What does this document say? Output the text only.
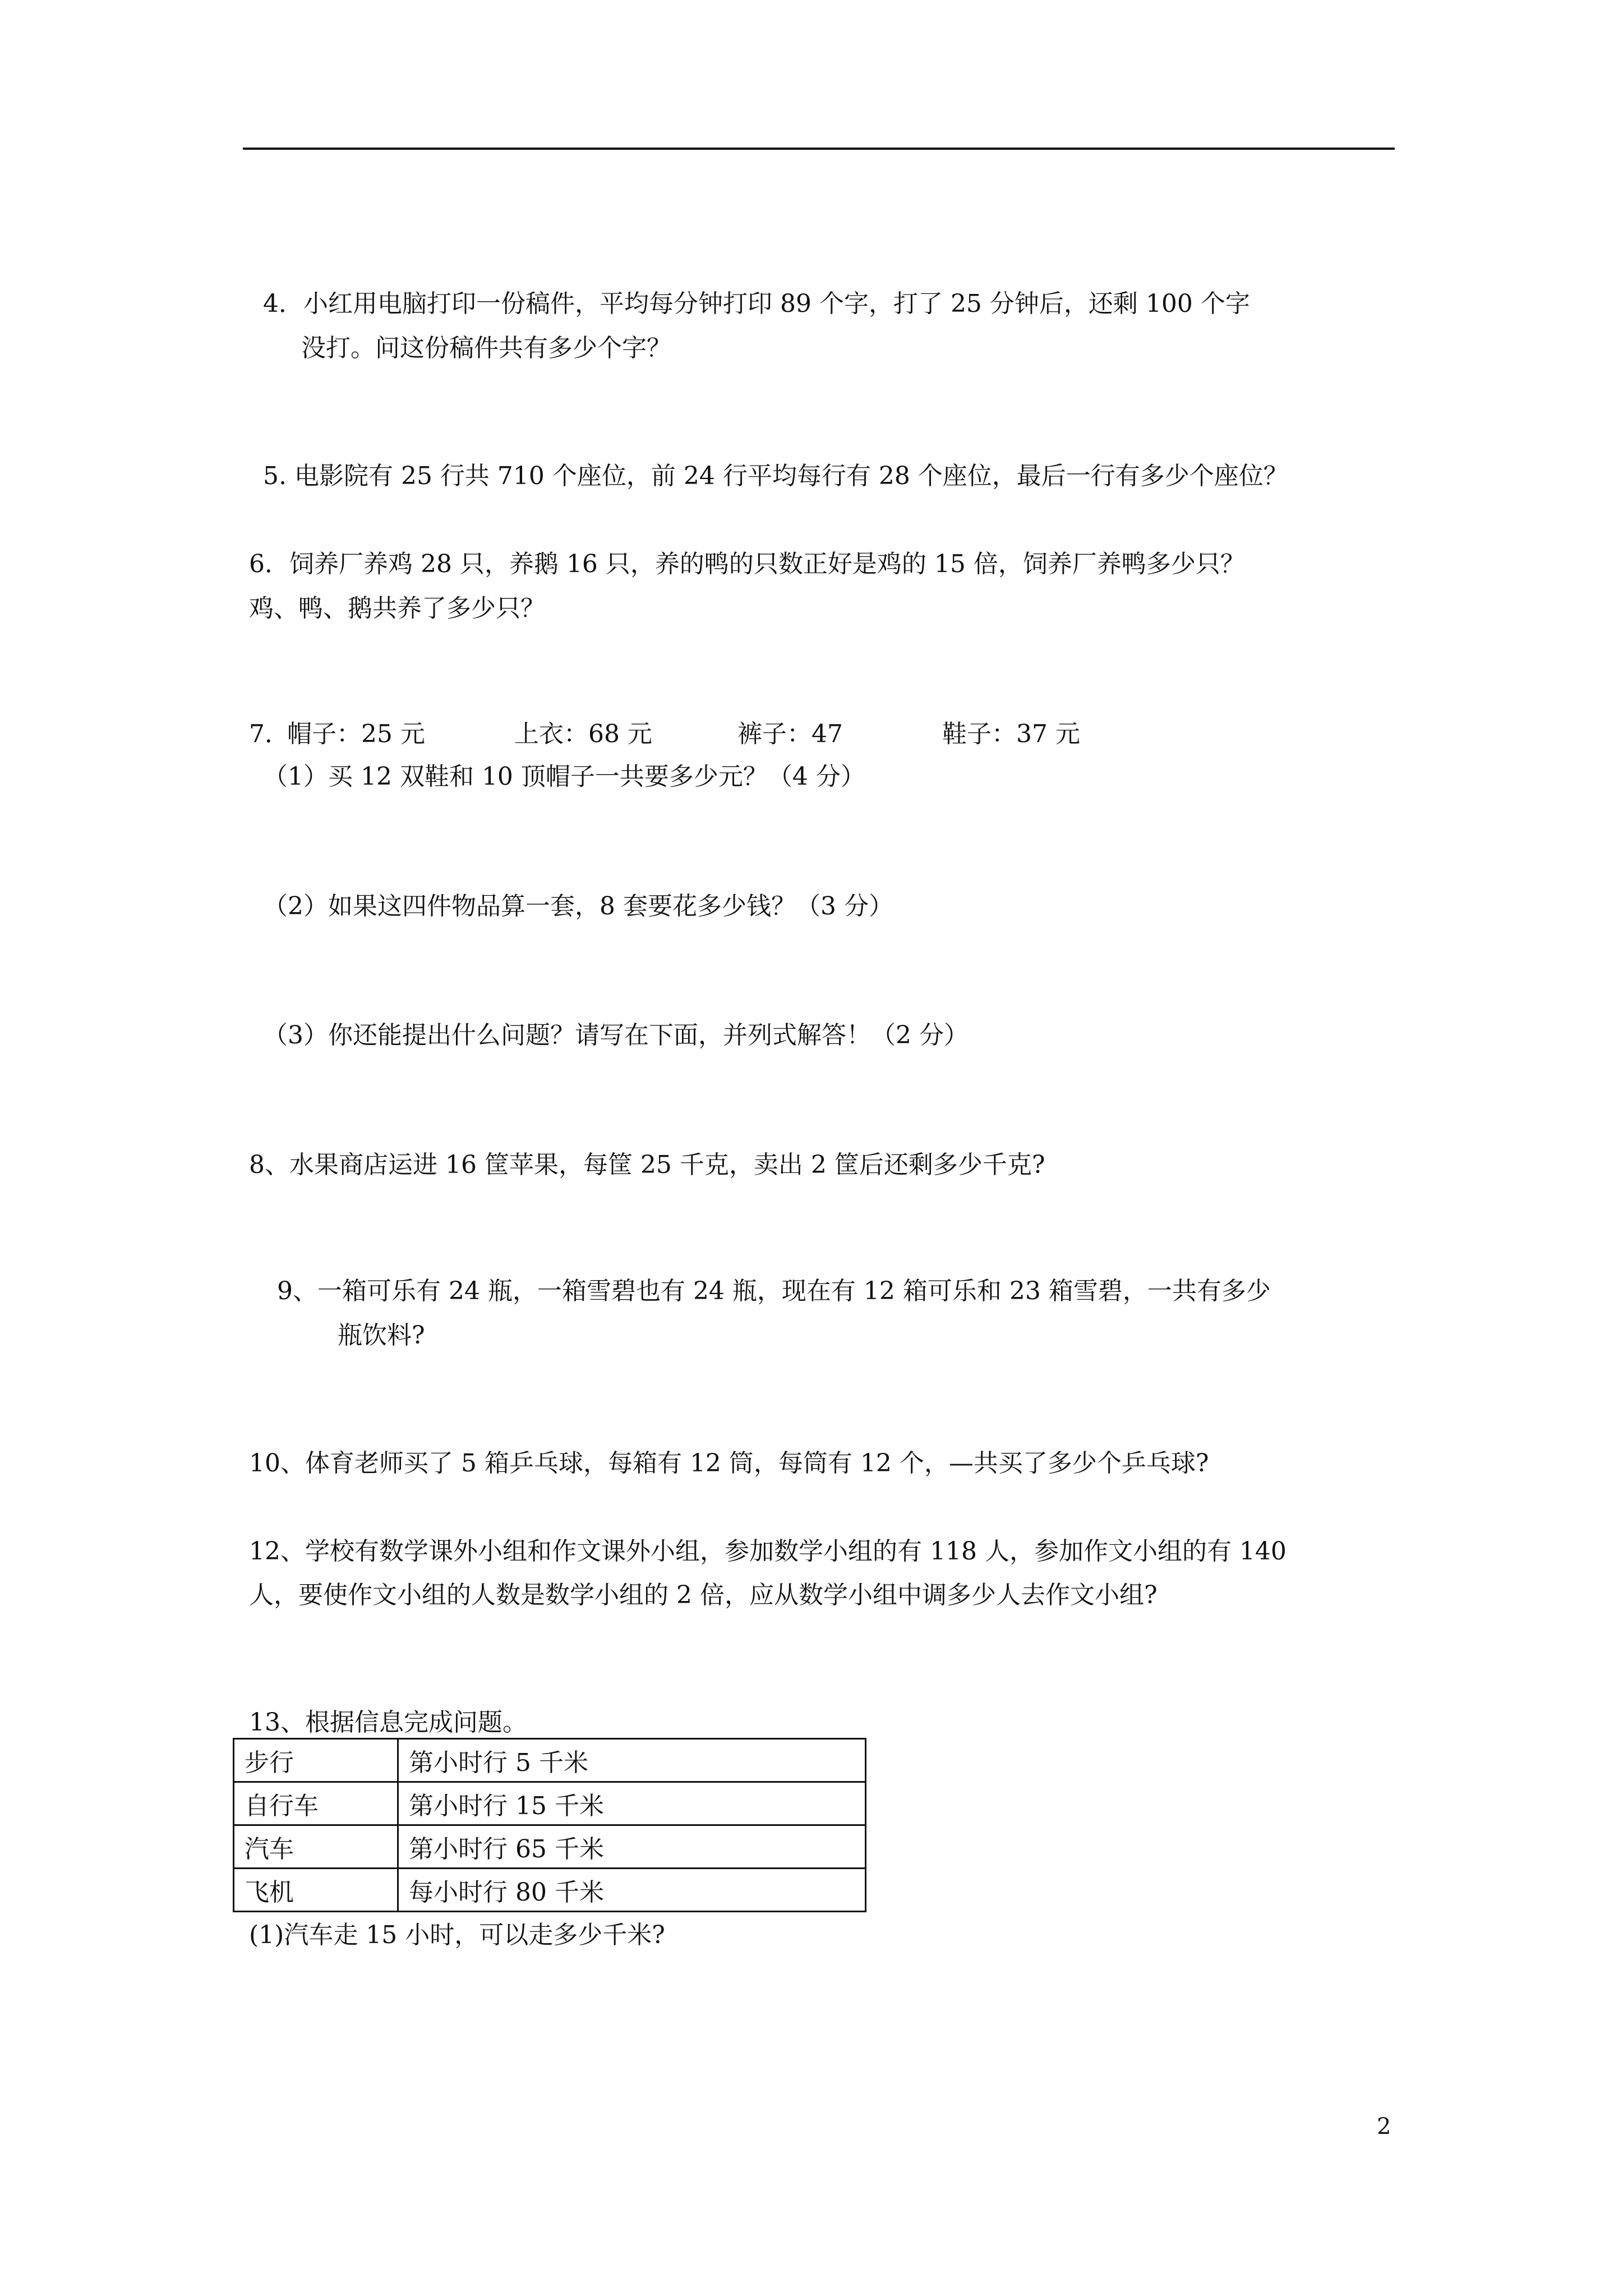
4．小红用电脑打印一份稿件，平均每分钟打印 89 个字，打了 25 分钟后，还剩 100 个字
没打。问这份稿件共有多少个字？
5. 电影院有 25 行共 710 个座位，前 24 行平均每行有 28 个座位，最后一行有多少个座位？
6．饲养厂养鸡 28 只，养鹅 16 只，养的鸭的只数正好是鸡的 15 倍，饲养厂养鸭多少只？
鸡、鸭、鹅共养了多少只？
7．
帽子：25 元	上衣：68 元	裤子：47	鞋子：37 元
（1）买 12 双鞋和 10 顶帽子一共要多少元？（4 分）
（2）如果这四件物品算一套，8 套要花多少钱？（3 分）
（3）你还能提出什么问题？请写在下面，并列式解答！（2 分）
8、水果商店运进 16 筐苹果，每筐 25 千克，卖出 2 筐后还剩多少千克?
9、一箱可乐有 24 瓶，一箱雪碧也有 24 瓶，现在有 12 箱可乐和 23 箱雪碧，一共有多少
瓶饮料?
10、体育老师买了 5 箱乒乓球，每箱有 12 筒，每筒有 12 个，—共买了多少个乒乓球?
12、学校有数学课外小组和作文课外小组，参加数学小组的有 118 人，参加作文小组的有 140
人，要使作文小组的人数是数学小组的 2 倍，应从数学小组中调多少人去作文小组?
13、根据信息完成问题。
步行	第小时行 5 千米
自行车	第小时行 15 千米
汽车	第小时行 65 千米
飞机	每小时行 80 千米
(1)汽车走 15 小时，可以走多少千米?
2
